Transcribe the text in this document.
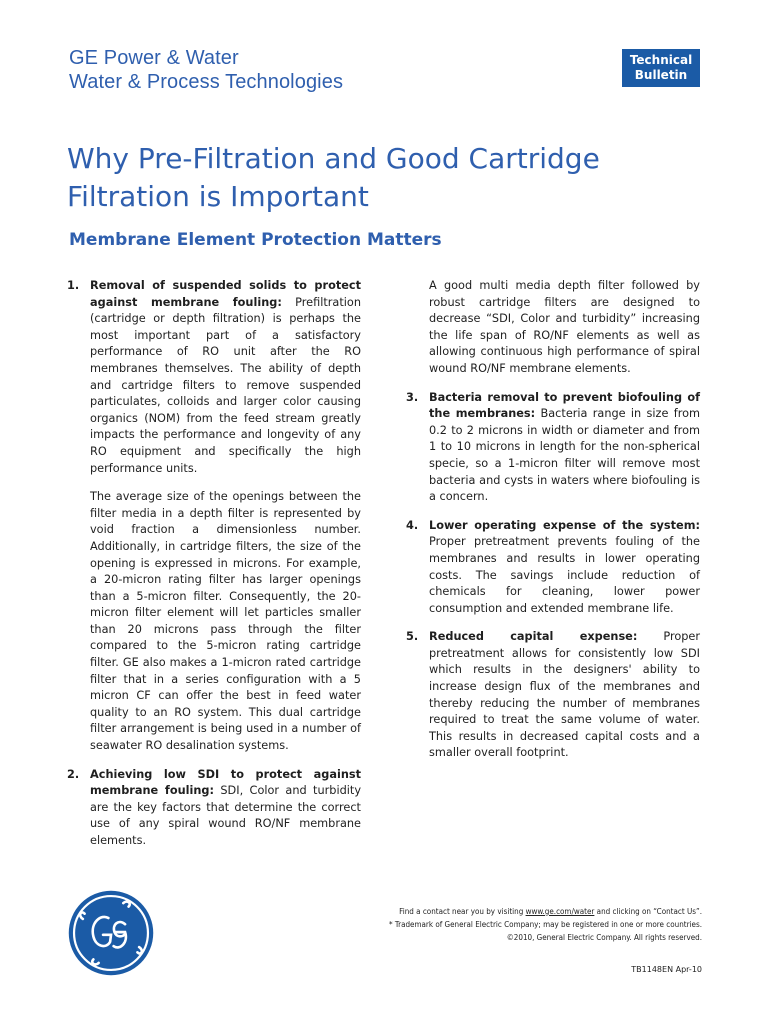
GE Power & Water
Water & Process Technologies
Technical
Bulletin
Why Pre-Filtration and Good Cartridge Filtration is Important
Membrane Element Protection Matters
1. Removal of suspended solids to protect against membrane fouling: Prefiltration (cartridge or depth filtration) is perhaps the most important part of a satisfactory performance of RO unit after the RO membranes themselves. The ability of depth and cartridge filters to remove suspended particulates, colloids and larger color causing organics (NOM) from the feed stream greatly impacts the performance and longevity of any RO equipment and specifically the high performance units.

The average size of the openings between the filter media in a depth filter is represented by void fraction a dimensionless number. Additionally, in cartridge filters, the size of the opening is expressed in microns. For example, a 20-micron rating filter has larger openings than a 5-micron filter. Consequently, the 20-micron filter element will let particles smaller than 20 microns pass through the filter compared to the 5-micron rating cartridge filter. GE also makes a 1-micron rated cartridge filter that in a series configuration with a 5 micron CF can offer the best in feed water quality to an RO system. This dual cartridge filter arrangement is being used in a number of seawater RO desalination systems.

2. Achieving low SDI to protect against membrane fouling: SDI, Color and turbidity are the key factors that determine the correct use of any spiral wound RO/NF membrane elements.

A good multi media depth filter followed by robust cartridge filters are designed to decrease “SDI, Color and turbidity” increasing the life span of RO/NF elements as well as allowing continuous high performance of spiral wound RO/NF membrane elements.

3. Bacteria removal to prevent biofouling of the membranes: Bacteria range in size from 0.2 to 2 microns in width or diameter and from 1 to 10 microns in length for the non-spherical specie, so a 1-micron filter will remove most bacteria and cysts in waters where biofouling is a concern.
4. Lower operating expense of the system: Proper pretreatment prevents fouling of the membranes and results in lower operating costs. The savings include reduction of chemicals for cleaning, lower power consumption and extended membrane life.
5. Reduced capital expense: Proper pretreatment allows for consistently low SDI which results in the designers' ability to increase design flux of the membranes and thereby reducing the number of membranes required to treat the same volume of water. This results in decreased capital costs and a smaller overall footprint.
Find a contact near you by visiting www.ge.com/water and clicking on “Contact Us”.
* Trademark of General Electric Company; may be registered in one or more countries.
©2010, General Electric Company. All rights reserved.
TB1148EN Apr-10
